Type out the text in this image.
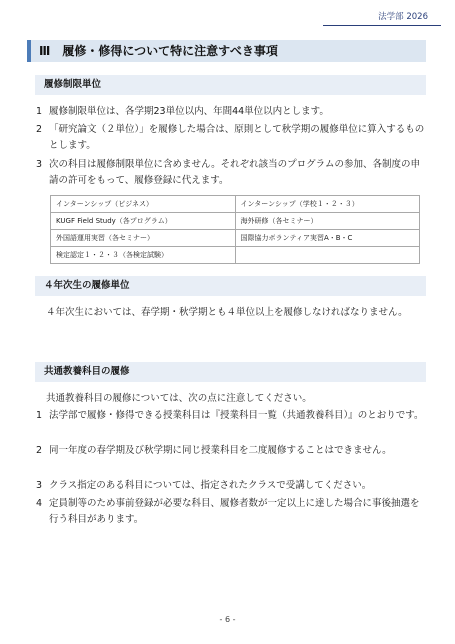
法学部 2026
Ⅲ 履修・修得について特に注意すべき事項
履修制限単位
1 履修制限単位は、各学期23単位以内、年間44単位以内とします。
2 「研究論文（２単位）」を履修した場合は、原則として秋学期の履修単位に算入するものとします。
3 次の科目は履修制限単位に含めません。それぞれ該当のプログラムの参加、各制度の申請の許可をもって、履修登録に代えます。
インターンシップ（ビジネス）	インターンシップ（学校１・２・３）
KUGF Field Study（各プログラム）	海外研修（各セミナー）
外国語運用実習（各セミナー）	国際協力ボランティア実習A・B・C
検定認定１・２・３（各検定試験）	
４年次生の履修単位
４年次生においては、春学期・秋学期とも４単位以上を履修しなければなりません。
共通教養科目の履修
共通教養科目の履修については、次の点に注意してください。
1 法学部で履修・修得できる授業科目は『授業科目一覧（共通教養科目）』のとおりです。
2 同一年度の春学期及び秋学期に同じ授業科目を二度履修することはできません。
3 クラス指定のある科目については、指定されたクラスで受講してください。
4 定員制等のため事前登録が必要な科目、履修者数が一定以上に達した場合に事後抽選を行う科目があります。
- 6 -
